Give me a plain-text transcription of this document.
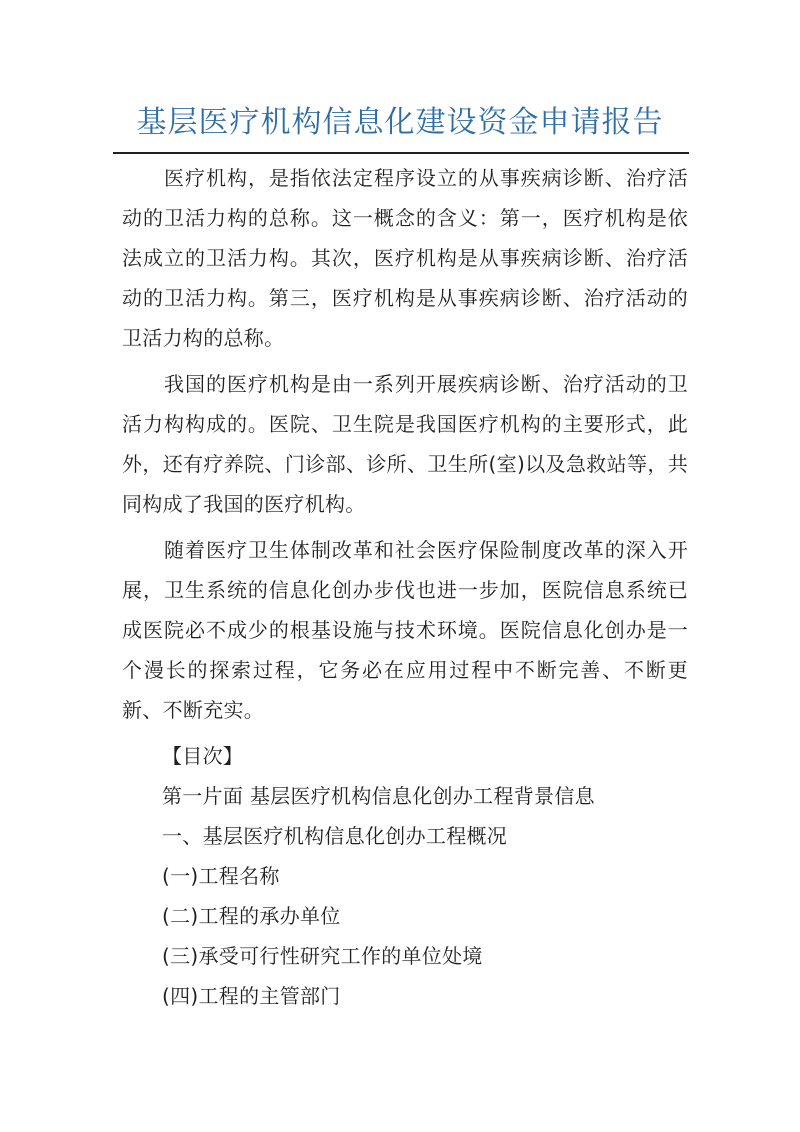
基层医疗机构信息化建设资金申请报告

医疗机构，是指依法定程序设立的从事疾病诊断、治疗活动的卫活力构的总称。这一概念的含义：第一，医疗机构是依法成立的卫活力构。其次，医疗机构是从事疾病诊断、治疗活动的卫活力构。第三，医疗机构是从事疾病诊断、治疗活动的卫活力构的总称。

我国的医疗机构是由一系列开展疾病诊断、治疗活动的卫活力构构成的。医院、卫生院是我国医疗机构的主要形式，此外，还有疗养院、门诊部、诊所、卫生所(室)以及急救站等，共同构成了我国的医疗机构。

随着医疗卫生体制改革和社会医疗保险制度改革的深入开展，卫生系统的信息化创办步伐也进一步加，医院信息系统已成医院必不成少的根基设施与技术环境。医院信息化创办是一个漫长的探索过程，它务必在应用过程中不断完善、不断更新、不断充实。

【目次】
第一片面 基层医疗机构信息化创办工程背景信息
一、基层医疗机构信息化创办工程概况
(一)工程名称
(二)工程的承办单位
(三)承受可行性研究工作的单位处境
(四)工程的主管部门
